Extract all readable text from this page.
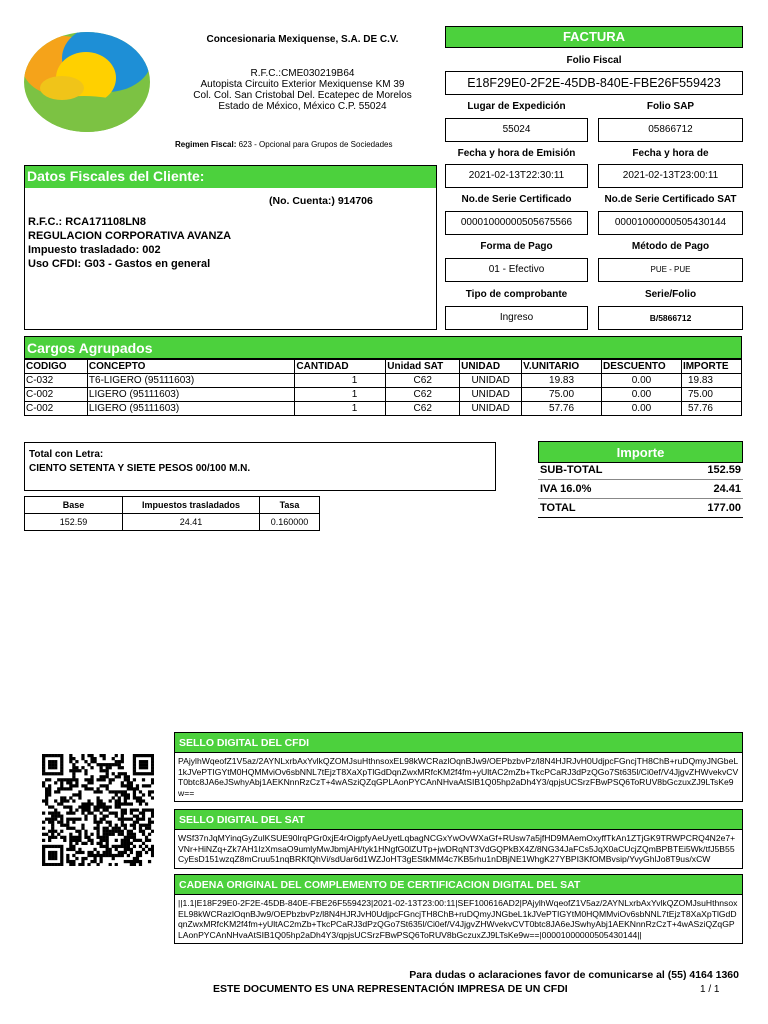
Concesionaria Mexiquense, S.A. DE C.V.
R.F.C.:CME030219B64
Autopista Circuito Exterior Mexiquense KM 39
Col. Col. San Cristobal Del. Ecatepec de Morelos
Estado de México, México C.P. 55024
Regimen Fiscal: 623 - Opcional para Grupos de Sociedades
FACTURA
Folio Fiscal
E18F29E0-2F2E-45DB-840E-FBE26F559423
Lugar de Expedición	Folio SAP
55024	05866712
Fecha y hora de Emisión	Fecha y hora de
2021-02-13T22:30:11	2021-02-13T23:00:11
No.de Serie Certificado	No.de Serie Certificado SAT
00001000000505675566	00001000000505430144
Forma de Pago	Método de Pago
01 - Efectivo	PUE - PUE
Tipo de comprobante	Serie/Folio
Ingreso	B/5866712
Datos Fiscales del Cliente:
(No. Cuenta:) 914706
R.F.C.: RCA171108LN8
REGULACION CORPORATIVA AVANZA
Impuesto trasladado: 002
Uso CFDI: G03 - Gastos en general
Cargos Agrupados
CODIGO	CONCEPTO	CANTIDAD	Unidad SAT	UNIDAD	V.UNITARIO	DESCUENTO	IMPORTE
C-032	T6-LIGERO (95111603)	1	C62	UNIDAD	19.83	0.00	19.83
C-002	LIGERO (95111603)	1	C62	UNIDAD	75.00	0.00	75.00
C-002	LIGERO (95111603)	1	C62	UNIDAD	57.76	0.00	57.76
Total con Letra:
CIENTO SETENTA Y SIETE PESOS 00/100 M.N.
Base	Impuestos trasladados	Tasa
152.59	24.41	0.160000
Importe
SUB-TOTAL	152.59
IVA 16.0%	24.41
TOTAL	177.00
SELLO DIGITAL DEL CFDI
PAjylhWqeofZ1V5az/2AYNLxrbAxYvlkQZOMJsuHthnsoxEL98kWCRazlOqnBJw9/OEPbzbvPz/l8N4HJRJvH0UdjpcFGncjTH8ChB+ruDQmyJNGbeL1kJVePTIGYtM0HQMMviOv6sbNNL7tEjzT8XaXpTlGdDqnZwxMRfcKM2f4fm+yUltAC2mZb+TkcPCaRJ3dPzQGo7St635l/Ci0ef/V4JjgvZHWvekvCVT0btc8JA6eJSwhyAbj1AEKNnnRzCzT+4wASziQZqGPLAonPYCAnNHvaAtSIB1Q05hp2aDh4Y3/qpjsUCSrzFBwPSQ6ToRUV8bGczuxZJ9LTsKe9w==
SELLO DIGITAL DEL SAT
WSf37nJqMYinqGyZulKSUE90lrqPGr0xjE4rOigpfyAeUyetLqbagNCGxYwOvWXaGf+RUsw7a5jfHD9MAemOxyffTkAn1ZTjGK9TRWPCRQ4N2e7+VNr+HiNZq+Zk7AH1IzXmsaO9umlyMwJbmjAH/tyk1HNgfG0lZUTp+jwDRqNT3VdGQPkBX4Z/8NG34JaFCs5JqX0aCUcjZQmBPBTEi5Wk/tfJ5B55CyEsD151wzqZ8mCruu51nqBRKfQhVi/sdUar6d1WZJoHT3gEStkMM4c7KB5rhu1nDBjNE1WhgK27YBPI3KfOMBvsip/YvyGhlJo8T9us/xCW
CADENA ORIGINAL DEL COMPLEMENTO DE CERTIFICACION DIGITAL DEL SAT
||1.1|E18F29E0-2F2E-45DB-840E-FBE26F559423|2021-02-13T23:00:11|SEF100616AD2|PAjylhWqeofZ1V5az/2AYNLxrbAxYvlkQZOMJsuHthnsoxEL98kWCRazlOqnBJw9/OEPbzbvPz/l8N4HJRJvH0UdjpcFGncjTH8ChB+ruDQmyJNGbeL1kJVePTIGYtM0HQMMviOv6sbNNL7tEjzT8XaXpTlGdDqnZwxMRfcKM2f4fm+yUltAC2mZb+TkcPCaRJ3dPzQGo7St635l/Ci0ef/V4JjgvZHWvekvCVT0btc8JA6eJSwhyAbj1AEKNnnRzCzT+4wASziQZqGPLAonPYCAnNHvaAtSIB1Q05hp2aDh4Y3/qpjsUCSrzFBwPSQ6ToRUV8bGczuxZJ9LTsKe9w==|00001000000505430144||
Para dudas o aclaraciones favor de comunicarse al (55) 4164 1360
ESTE DOCUMENTO ES UNA REPRESENTACIÓN IMPRESA DE UN CFDI	1 / 1
